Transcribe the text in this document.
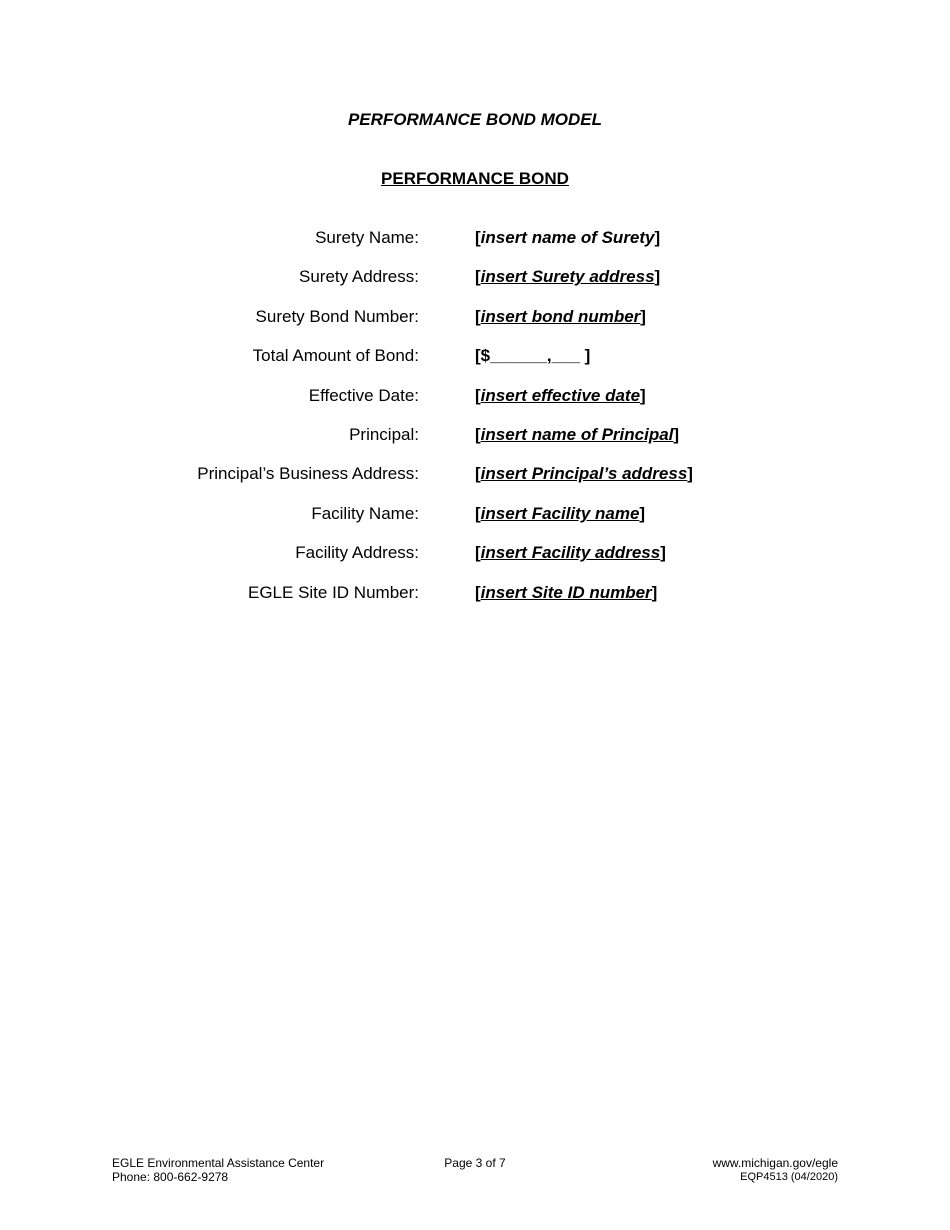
PERFORMANCE BOND MODEL
PERFORMANCE BOND
Surety Name:	[insert name of Surety]
Surety Address:	[insert Surety address]
Surety Bond Number:	[insert bond number]
Total Amount of Bond:	[$______,___ ]
Effective Date:	[insert effective date]
Principal:	[insert name of Principal]
Principal’s Business Address:	[insert Principal’s address]
Facility Name:	[insert Facility name]
Facility Address:	[insert Facility address]
EGLE Site ID Number:	[insert Site ID number]
EGLE Environmental Assistance Center
Phone: 800-662-9278
Page 3 of 7	www.michigan.gov/egle
EQP4513 (04/2020)
